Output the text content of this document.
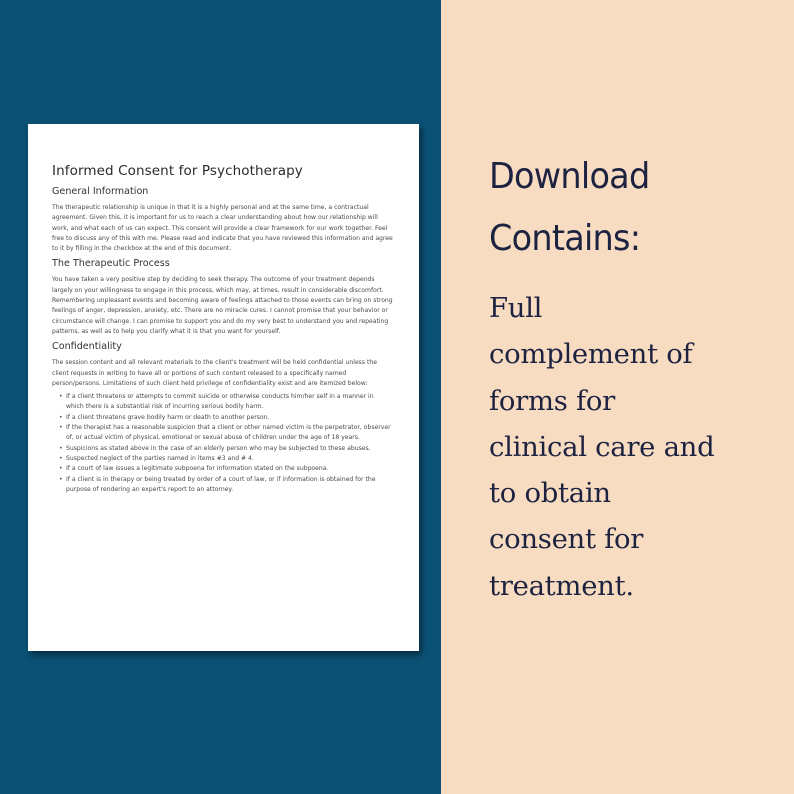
Informed Consent for Psychotherapy
General Information

The therapeutic relationship is unique in that it is a highly personal and at the same time, a contractual agreement. Given this, it is important for us to reach a clear understanding about how our relationship will work, and what each of us can expect. This consent will provide a clear framework for our work together. Feel free to discuss any of this with me. Please read and indicate that you have reviewed this information and agree to it by filling in the checkbox at the end of this document.

The Therapeutic Process

You have taken a very positive step by deciding to seek therapy. The outcome of your treatment depends largely on your willingness to engage in this process, which may, at times, result in considerable discomfort. Remembering unpleasant events and becoming aware of feelings attached to those events can bring on strong feelings of anger, depression, anxiety, etc. There are no miracle cures. I cannot promise that your behavior or circumstance will change. I can promise to support you and do my very best to understand you and repeating patterns, as well as to help you clarify what it is that you want for yourself.

Confidentiality

The session content and all relevant materials to the client's treatment will be held confidential unless the client requests in writing to have all or portions of such content released to a specifically named person/persons. Limitations of such client held privilege of confidentiality exist and are itemized below:

• If a client threatens or attempts to commit suicide or otherwise conducts him/her self in a manner in which there is a substantial risk of incurring serious bodily harm.
• If a client threatens grave bodily harm or death to another person.
• If the therapist has a reasonable suspicion that a client or other named victim is the perpetrator, observer of, or actual victim of physical, emotional or sexual abuse of children under the age of 18 years.
• Suspicions as stated above in the case of an elderly person who may be subjected to these abuses.
• Suspected neglect of the parties named in items #3 and # 4.
• If a court of law issues a legitimate subpoena for information stated on the subpoena.
• If a client is in therapy or being treated by order of a court of law, or if information is obtained for the purpose of rendering an expert's report to an attorney.
Download
Contains:
Full
complement of
forms for
clinical care and
to obtain
consent for
treatment.
